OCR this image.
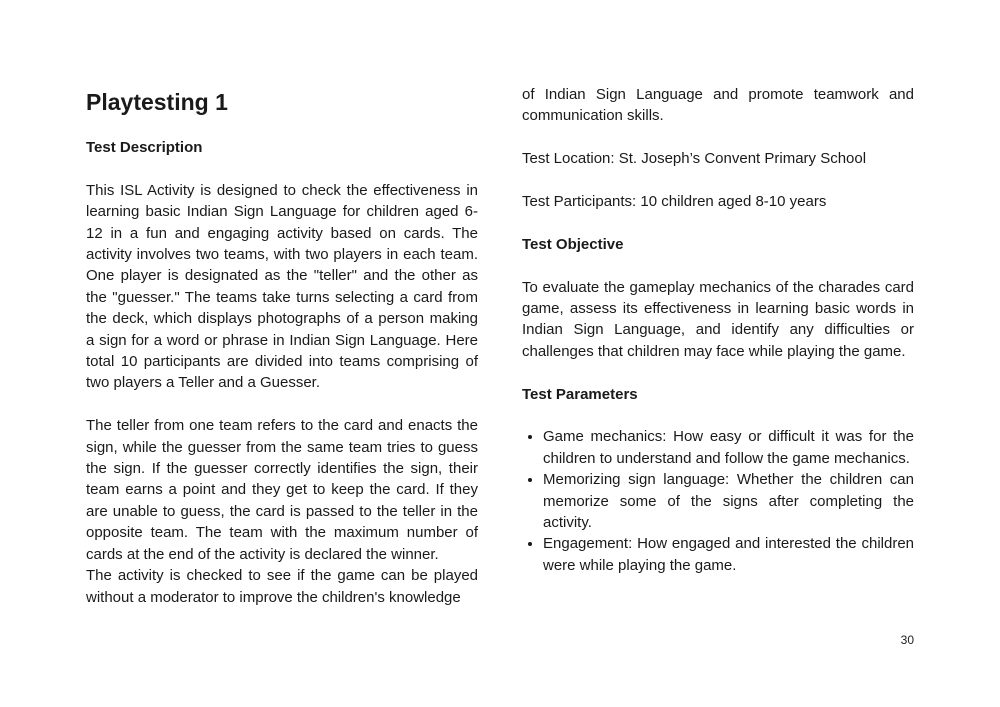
Playtesting 1

Test Description

This ISL Activity is designed to check the effectiveness in learning basic Indian Sign Language for children aged 6-12 in a fun and engaging activity based on cards. The activity involves two teams, with two players in each team. One player is designated as the "teller" and the other as the "guesser." The teams take turns selecting a card from the deck, which displays photographs of a person making a sign for a word or phrase in Indian Sign Language. Here total 10 participants are divided into teams comprising of two players a Teller and a Guesser.

The teller from one team refers to the card and enacts the sign, while the guesser from the same team tries to guess the sign. If the guesser correctly identifies the sign, their team earns a point and they get to keep the card. If they are unable to guess, the card is passed to the teller in the opposite team. The team with the maximum number of cards at the end of the activity is declared the winner.

The activity is checked to see if the game can be played without a moderator to improve the children's knowledge

of Indian Sign Language and promote teamwork and communication skills.

Test Location: St. Joseph’s Convent Primary School

Test Participants: 10 children aged 8-10 years

Test Objective

To evaluate the gameplay mechanics of the charades card game, assess its effectiveness in learning basic words in Indian Sign Language, and identify any difficulties or challenges that children may face while playing the game.

Test Parameters

• Game mechanics: How easy or difficult it was for the children to understand and follow the game mechanics.
• Memorizing sign language: Whether the children can memorize some of the signs after completing the activity.
• Engagement: How engaged and interested the children were while playing the game.
30
